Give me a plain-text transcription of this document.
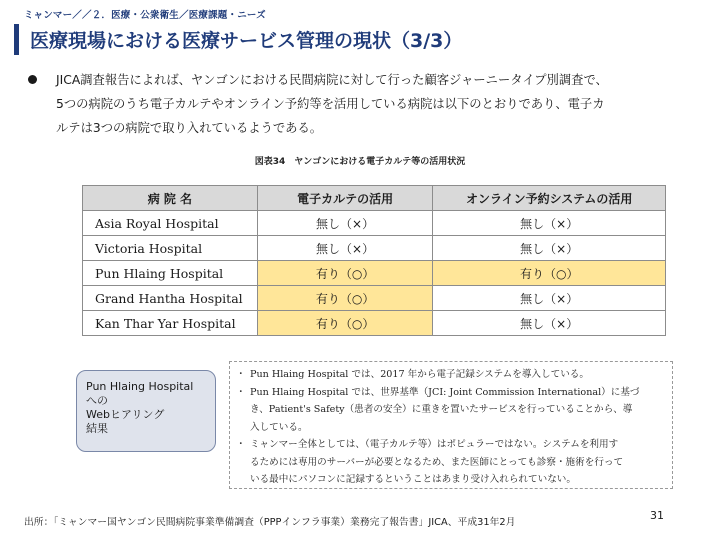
ミャンマー／／２．医療・公衆衛生／医療課題・ニーズ
医療現場における医療サービス管理の現状（3/3）
JICA調査報告によれば、ヤンゴンにおける民間病院に対して行った顧客ジャーニータイプ別調査で、
5つの病院のうち電子カルテやオンライン予約等を活用している病院は以下のとおりであり、電子カ
ルテは3つの病院で取り入れているようである。
図表34　ヤンゴンにおける電子カルテ等の活用状況
病 院 名	電子カルテの活用	オンライン予約システムの活用
Asia Royal Hospital	無し（×）	無し（×）
Victoria Hospital	無し（×）	無し（×）
Pun Hlaing Hospital	有り（○）	有り（○）
Grand Hantha Hospital	有り（○）	無し（×）
Kan Thar Yar Hospital	有り（○）	無し（×）
Pun Hlaing Hospital
への
Webヒアリング
結果
・ Pun Hlaing Hospital では、2017 年から電子記録システムを導入している。
・ Pun Hlaing Hospital では、世界基準（JCI: Joint Commission International）に基づ
き、Patient's Safety（患者の安全）に重きを置いたサービスを行っていることから、導
入している。
・ ミャンマー全体としては、（電子カルテ等）はポピュラーではない。システムを利用す
るためには専用のサーバーが必要となるため、また医師にとっても診察・施術を行って
いる最中にパソコンに記録するということはあまり受け入れられていない。
出所：「ミャンマー国ヤンゴン民間病院事業準備調査（PPPインフラ事業）業務完了報告書」JICA、平成31年2月
31
